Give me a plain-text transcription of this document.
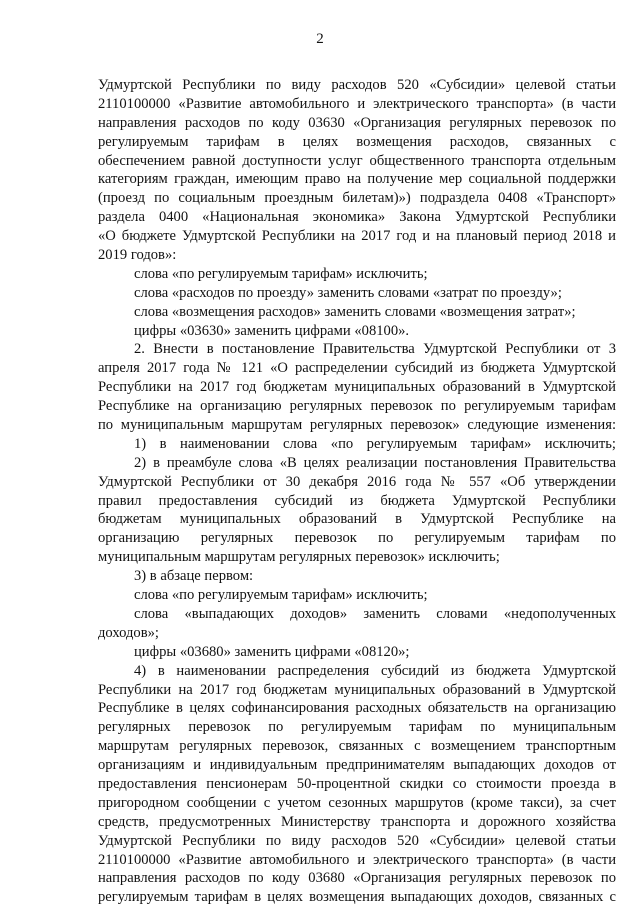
2
Удмуртской Республики по виду расходов 520 «Субсидии» целевой статьи
2110100000 «Развитие автомобильного и электрического транспорта» (в части
направления расходов по коду 03630 «Организация регулярных перевозок по
регулируемым тарифам в целях возмещения расходов, связанных с
обеспечением равной доступности услуг общественного транспорта отдельным
категориям граждан, имеющим право на получение мер социальной поддержки
(проезд по социальным проездным билетам)») подраздела 0408 «Транспорт»
раздела 0400 «Национальная экономика» Закона Удмуртской Республики
«О бюджете Удмуртской Республики на 2017 год и на плановый период 2018 и
2019 годов»:
слова «по регулируемым тарифам» исключить;
слова «расходов по проезду» заменить словами «затрат по проезду»;
слова «возмещения расходов» заменить словами «возмещения затрат»;
цифры «03630» заменить цифрами «08100».
2. Внести в постановление Правительства Удмуртской Республики от 3
апреля 2017 года № 121 «О распределении субсидий из бюджета Удмуртской
Республики на 2017 год бюджетам муниципальных образований в Удмуртской
Республике на организацию регулярных перевозок по регулируемым тарифам
по муниципальным маршрутам регулярных перевозок» следующие изменения:
1) в наименовании слова «по регулируемым тарифам» исключить;
2) в преамбуле слова «В целях реализации постановления Правительства
Удмуртской Республики от 30 декабря 2016 года № 557 «Об утверждении
правил предоставления субсидий из бюджета Удмуртской Республики
бюджетам муниципальных образований в Удмуртской Республике на
организацию регулярных перевозок по регулируемым тарифам по
муниципальным маршрутам регулярных перевозок» исключить;
3) в абзаце первом:
слова «по регулируемым тарифам» исключить;
слова «выпадающих доходов» заменить словами «недополученных
доходов»;
цифры «03680» заменить цифрами «08120»;
4) в наименовании распределения субсидий из бюджета Удмуртской
Республики на 2017 год бюджетам муниципальных образований в Удмуртской
Республике в целях софинансирования расходных обязательств на организацию
регулярных перевозок по регулируемым тарифам по муниципальным
маршрутам регулярных перевозок, связанных с возмещением транспортным
организациям и индивидуальным предпринимателям выпадающих доходов от
предоставления пенсионерам 50-процентной скидки со стоимости проезда в
пригородном сообщении с учетом сезонных маршрутов (кроме такси), за счет
средств, предусмотренных Министерству транспорта и дорожного хозяйства
Удмуртской Республики по виду расходов 520 «Субсидии» целевой статьи
2110100000 «Развитие автомобильного и электрического транспорта» (в части
направления расходов по коду 03680 «Организация регулярных перевозок по
регулируемым тарифам в целях возмещения выпадающих доходов, связанных с
